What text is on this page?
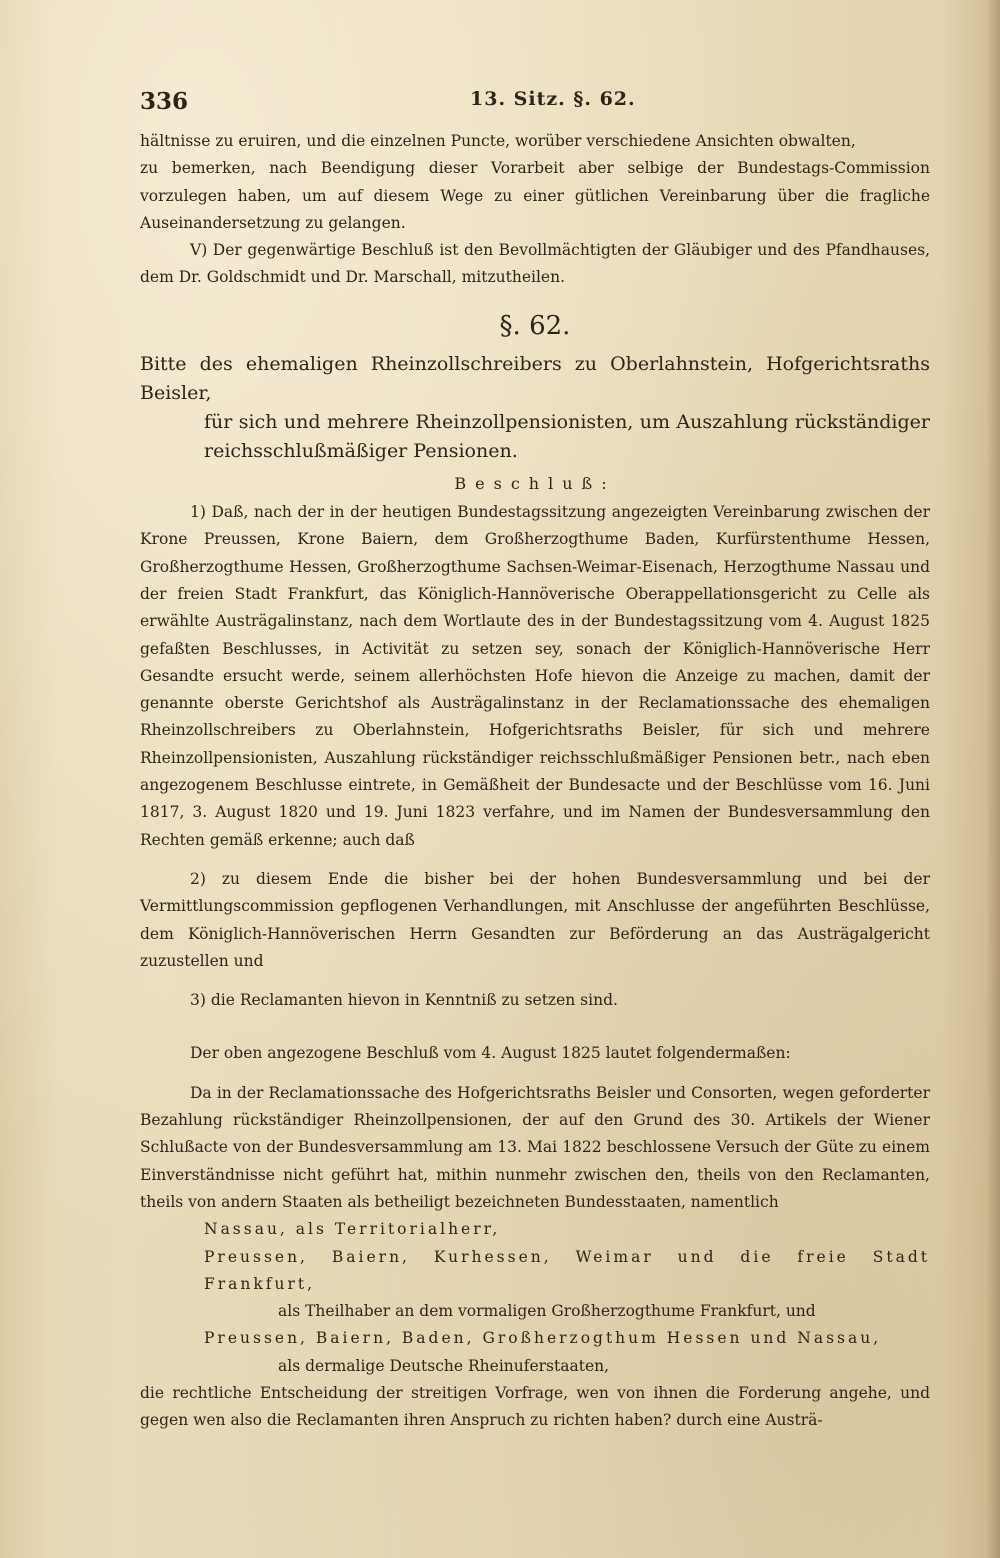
336	13. Sitz. §. 62.

hältnisse zu eruiren, und die einzelnen Puncte, worüber verschiedene Ansichten obwalten,

zu bemerken, nach Beendigung dieser Vorarbeit aber selbige der Bundestags-Commission vorzulegen haben, um auf diesem Wege zu einer gütlichen Vereinbarung über die fragliche Auseinandersetzung zu gelangen.

V) Der gegenwärtige Beschluß ist den Bevollmächtigten der Gläubiger und des Pfandhauses, dem Dr. Goldschmidt und Dr. Marschall, mitzutheilen.

§. 62.
Bitte des ehemaligen Rheinzollschreibers zu Oberlahnstein, Hofgerichtsraths Beisler,
für sich und mehrere Rheinzollpensionisten, um Auszahlung rückständiger reichsschlußmäßiger Pensionen.
Beschluß:

1) Daß, nach der in der heutigen Bundestagssitzung angezeigten Vereinbarung zwischen der Krone Preussen, Krone Baiern, dem Großherzogthume Baden, Kurfürstenthume Hessen, Großherzogthume Hessen, Großherzogthume Sachsen-Weimar-Eisenach, Herzogthume Nassau und der freien Stadt Frankfurt, das Königlich-Hannöverische Oberappellationsgericht zu Celle als erwählte Austrägalinstanz, nach dem Wortlaute des in der Bundestagssitzung vom 4. August 1825 gefaßten Beschlusses, in Activität zu setzen sey, sonach der Königlich-Hannöverische Herr Gesandte ersucht werde, seinem allerhöchsten Hofe hievon die Anzeige zu machen, damit der genannte oberste Gerichtshof als Austrägalinstanz in der Reclamationssache des ehemaligen Rheinzollschreibers zu Oberlahnstein, Hofgerichtsraths Beisler, für sich und mehrere Rheinzollpensionisten, Auszahlung rückständiger reichsschlußmäßiger Pensionen betr., nach eben angezogenem Beschlusse eintrete, in Gemäßheit der Bundesacte und der Beschlüsse vom 16. Juni 1817, 3. August 1820 und 19. Juni 1823 verfahre, und im Namen der Bundesversammlung den Rechten gemäß erkenne; auch daß

2) zu diesem Ende die bisher bei der hohen Bundesversammlung und bei der Vermittlungscommission gepflogenen Verhandlungen, mit Anschlusse der angeführten Beschlüsse, dem Königlich-Hannöverischen Herrn Gesandten zur Beförderung an das Austrägalgericht zuzustellen und

3) die Reclamanten hievon in Kenntniß zu setzen sind.

Der oben angezogene Beschluß vom 4. August 1825 lautet folgendermaßen:

Da in der Reclamationssache des Hofgerichtsraths Beisler und Consorten, wegen geforderter Bezahlung rückständiger Rheinzollpensionen, der auf den Grund des 30. Artikels der Wiener Schlußacte von der Bundesversammlung am 13. Mai 1822 beschlossene Versuch der Güte zu einem Einverständnisse nicht geführt hat, mithin nunmehr zwischen den, theils von den Reclamanten, theils von andern Staaten als betheiligt bezeichneten Bundesstaaten, namentlich

Nassau, als Territorialherr,

Preussen, Baiern, Kurhessen, Weimar und die freie Stadt Frankfurt,

als Theilhaber an dem vormaligen Großherzogthume Frankfurt, und

Preussen, Baiern, Baden, Großherzogthum Hessen und Nassau,

als dermalige Deutsche Rheinuferstaaten,

die rechtliche Entscheidung der streitigen Vorfrage, wen von ihnen die Forderung angehe, und gegen wen also die Reclamanten ihren Anspruch zu richten haben? durch eine Austrä-
